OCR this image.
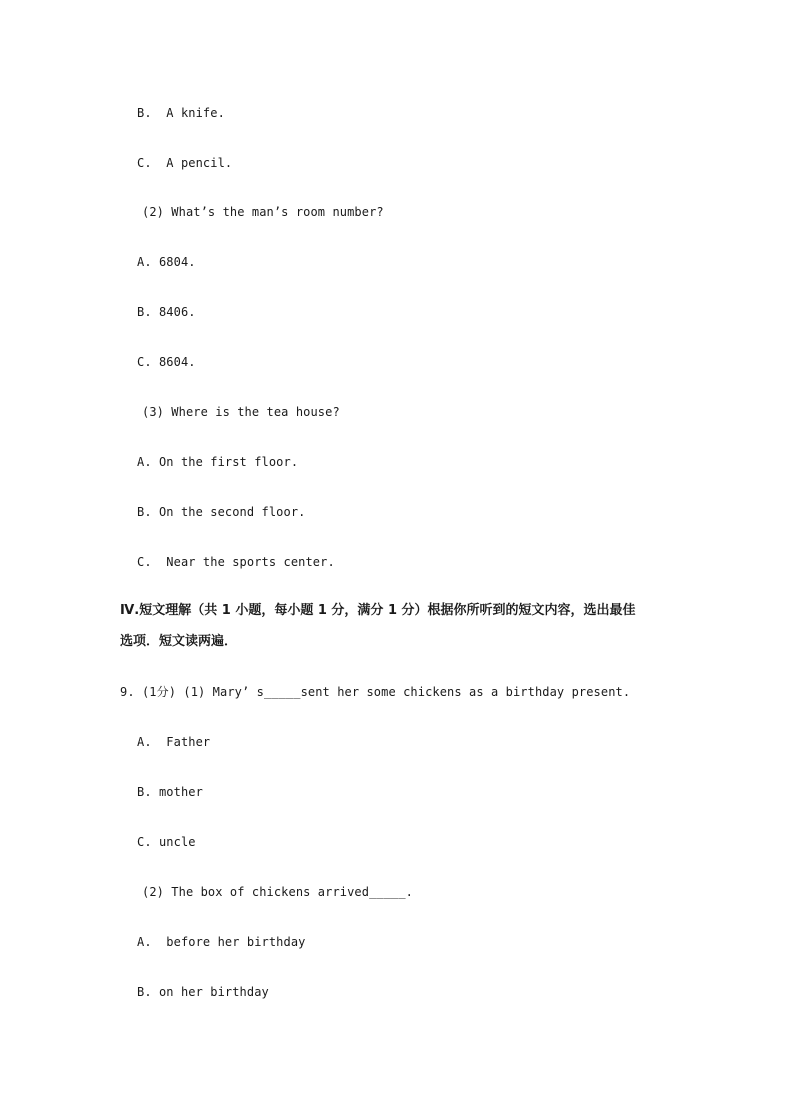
B.  A knife.
C.  A pencil.
(2) What’s the man’s room number?
A. 6804.
B. 8406.
C. 8604.
(3) Where is the tea house?
A. On the first floor.
B. On the second floor.
C.  Near the sports center.
Ⅳ.短文理解（共 1 小题，每小题 1 分，满分 1 分）根据你所听到的短文内容，选出最佳
选项．短文读两遍．
9. (1分) (1) Mary’ s_____sent her some chickens as a birthday present.
A.  Father
B. mother
C. uncle
(2) The box of chickens arrived_____.
A.  before her birthday
B. on her birthday
